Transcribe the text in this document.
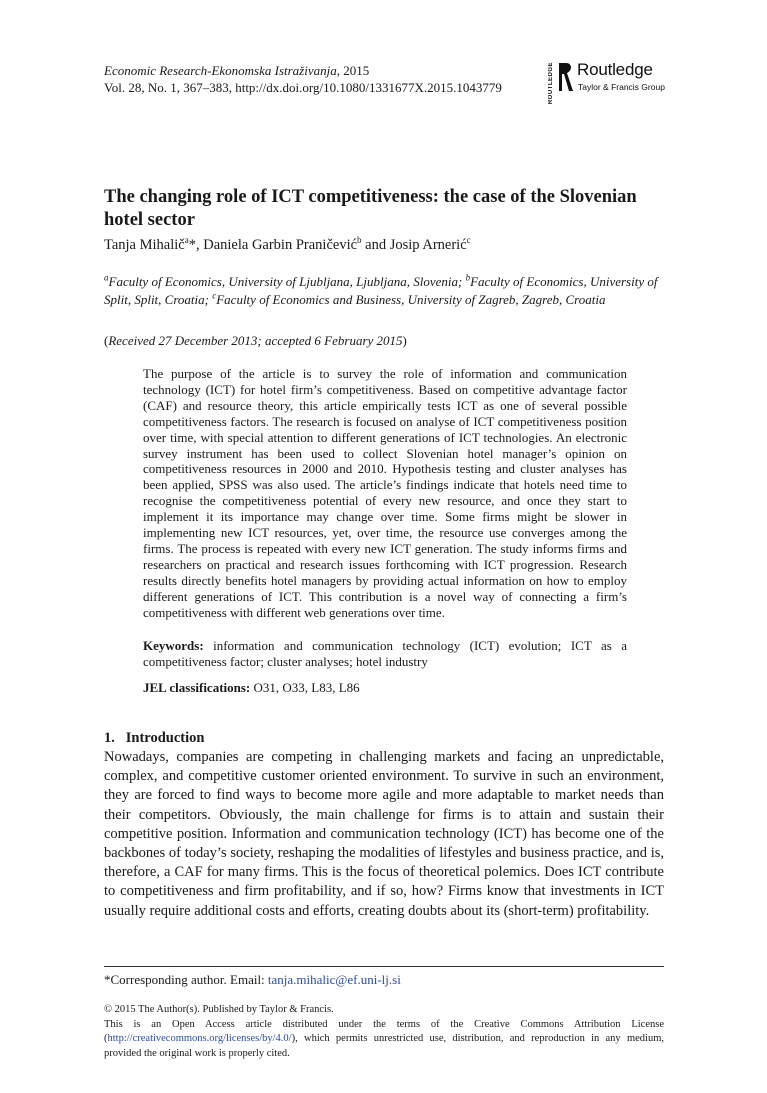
Economic Research-Ekonomska Istraživanja, 2015
Vol. 28, No. 1, 367–383, http://dx.doi.org/10.1080/1331677X.2015.1043779	ROUTLEDGE Routledge
Taylor & Francis Group
The changing role of ICT competitiveness: the case of the Slovenian hotel sector
Tanja Mihalič$^a$*, Daniela Garbin Praničević$^b$ and Josip Arnerić$^c$
$^a$Faculty of Economics, University of Ljubljana, Ljubljana, Slovenia; $^b$Faculty of Economics, University of Split, Split, Croatia; $^c$Faculty of Economics and Business, University of Zagreb, Zagreb, Croatia
(Received 27 December 2013; accepted 6 February 2015)
The purpose of the article is to survey the role of information and communication technology (ICT) for hotel firm’s competitiveness. Based on competitive advantage factor (CAF) and resource theory, this article empirically tests ICT as one of several possible competitiveness factors. The research is focused on analyse of ICT competitiveness position over time, with special attention to different generations of ICT technologies. An electronic survey instrument has been used to collect Slovenian hotel manager’s opinion on competitiveness resources in 2000 and 2010. Hypothesis testing and cluster analyses has been applied, SPSS was also used. The article’s findings indicate that hotels need time to recognise the competitiveness potential of every new resource, and once they start to implement it its importance may change over time. Some firms might be slower in implementing new ICT resources, yet, over time, the resource use converges among the firms. The process is repeated with every new ICT generation. The study informs firms and researchers on practical and research issues forthcoming with ICT progression. Research results directly benefits hotel managers by providing actual information on how to employ different generations of ICT. This contribution is a novel way of connecting a firm’s competitiveness with different web generations over time.
Keywords: information and communication technology (ICT) evolution; ICT as a competitiveness factor; cluster analyses; hotel industry
JEL classifications: O31, O33, L83, L86
1.   Introduction
Nowadays, companies are competing in challenging markets and facing an unpredictable, complex, and competitive customer oriented environment. To survive in such an environment, they are forced to find ways to become more agile and more adaptable to market needs than their competitors. Obviously, the main challenge for firms is to attain and sustain their competitive position. Information and communication technology (ICT) has become one of the backbones of today’s society, reshaping the modalities of lifestyles and business practice, and is, therefore, a CAF for many firms. This is the focus of theoretical polemics. Does ICT contribute to competitiveness and firm profitability, and if so, how? Firms know that investments in ICT usually require additional costs and efforts, creating doubts about its (short-term) profitability.
*Corresponding author. Email: tanja.mihalic@ef.uni-lj.si
© 2015 The Author(s). Published by Taylor & Francis.
This is an Open Access article distributed under the terms of the Creative Commons Attribution License (http://creativecommons.org/licenses/by/4.0/), which permits unrestricted use, distribution, and reproduction in any medium, provided the original work is properly cited.
